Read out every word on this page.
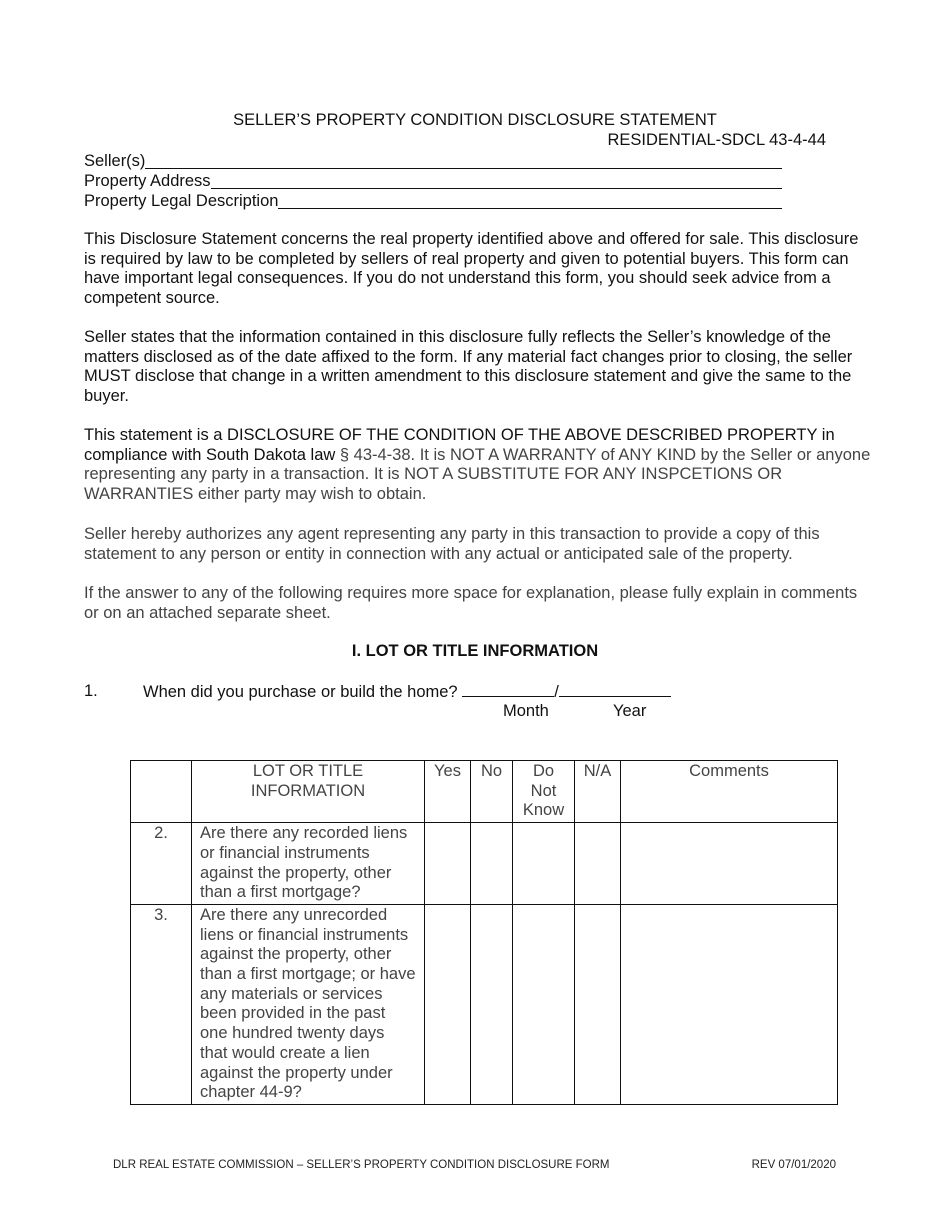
SELLER’S PROPERTY CONDITION DISCLOSURE STATEMENT
RESIDENTIAL-SDCL 43-4-44
Seller(s)
Property Address
Property Legal Description
This Disclosure Statement concerns the real property identified above and offered for sale. This disclosure is required by law to be completed by sellers of real property and given to potential buyers. This form can have important legal consequences. If you do not understand this form, you should seek advice from a competent source.
Seller states that the information contained in this disclosure fully reflects the Seller’s knowledge of the matters disclosed as of the date affixed to the form. If any material fact changes prior to closing, the seller MUST disclose that change in a written amendment to this disclosure statement and give the same to the buyer.
This statement is a DISCLOSURE OF THE CONDITION OF THE ABOVE DESCRIBED PROPERTY in compliance with South Dakota law § 43-4-38. It is NOT A WARRANTY of ANY KIND by the Seller or anyone representing any party in a transaction. It is NOT A SUBSTITUTE FOR ANY INSPCETIONS OR WARRANTIES either party may wish to obtain.
Seller hereby authorizes any agent representing any party in this transaction to provide a copy of this statement to any person or entity in connection with any actual or anticipated sale of the property.
If the answer to any of the following requires more space for explanation, please fully explain in comments or on an attached separate sheet.
I. LOT OR TITLE INFORMATION
1.	When did you purchase or build the home?	/
Month	Year
	LOT OR TITLE INFORMATION	Yes	No	Do Not Know	N/A	Comments
2.	Are there any recorded liens or financial instruments against the property, other than a first mortgage?					
3.	Are there any unrecorded liens or financial instruments against the property, other than a first mortgage; or have any materials or services been provided in the past one hundred twenty days that would create a lien against the property under chapter 44-9?					
DLR REAL ESTATE COMMISSION – SELLER’S PROPERTY CONDITION DISCLOSURE FORM	REV 07/01/2020
